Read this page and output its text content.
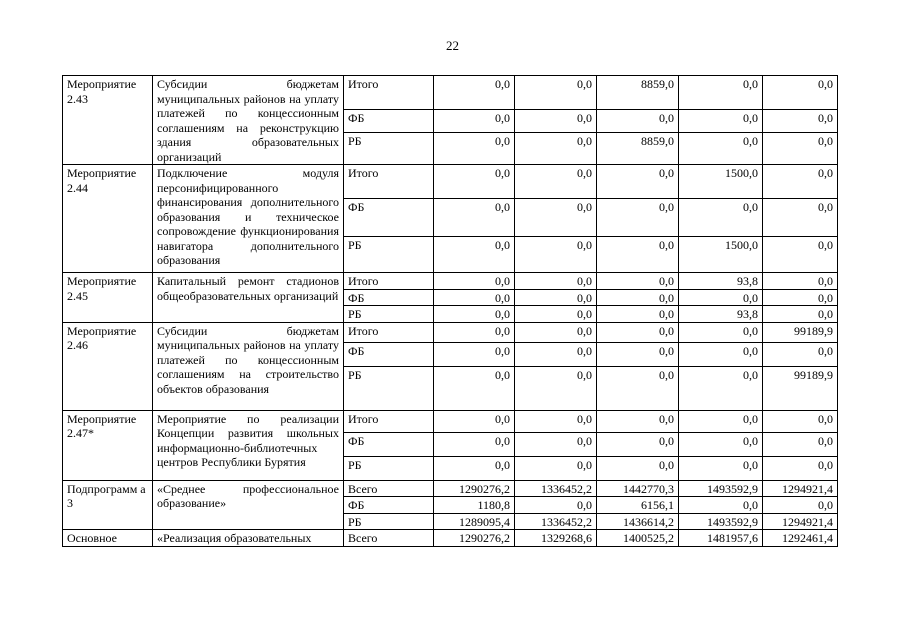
22
Мероприятие 2.43	Субсидии бюджетам муниципальных районов на уплату платежей по концессионным соглашениям на реконструкцию здания образовательных организаций	Итого	0,0	0,0	8859,0	0,0	0,0
		ФБ	0,0	0,0	0,0	0,0	0,0
		РБ	0,0	0,0	8859,0	0,0	0,0
Мероприятие 2.44	Подключение модуля персонифицированного финансирования дополнительного образования и техническое сопровождение функционирования навигатора дополнительного образования	Итого	0,0	0,0	0,0	1500,0	0,0
		ФБ	0,0	0,0	0,0	0,0	0,0
		РБ	0,0	0,0	0,0	1500,0	0,0
Мероприятие 2.45	Капитальный ремонт стадионов общеобразовательных организаций	Итого	0,0	0,0	0,0	93,8	0,0
		ФБ	0,0	0,0	0,0	0,0	0,0
		РБ	0,0	0,0	0,0	93,8	0,0
Мероприятие 2.46	Субсидии бюджетам муниципальных районов на уплату платежей по концессионным соглашениям на строительство объектов образования	Итого	0,0	0,0	0,0	0,0	99189,9
		ФБ	0,0	0,0	0,0	0,0	0,0
		РБ	0,0	0,0	0,0	0,0	99189,9
Мероприятие 2.47*	Мероприятие по реализации Концепции развития школьных информационно-библиотечных центров Республики Бурятия	Итого	0,0	0,0	0,0	0,0	0,0
		ФБ	0,0	0,0	0,0	0,0	0,0
		РБ	0,0	0,0	0,0	0,0	0,0
Подпрограмм а 3	«Среднее профессиональное образование»	Всего	1290276,2	1336452,2	1442770,3	1493592,9	1294921,4
		ФБ	1180,8	0,0	6156,1	0,0	0,0
		РБ	1289095,4	1336452,2	1436614,2	1493592,9	1294921,4
Основное	«Реализация образовательных	Всего	1290276,2	1329268,6	1400525,2	1481957,6	1292461,4
